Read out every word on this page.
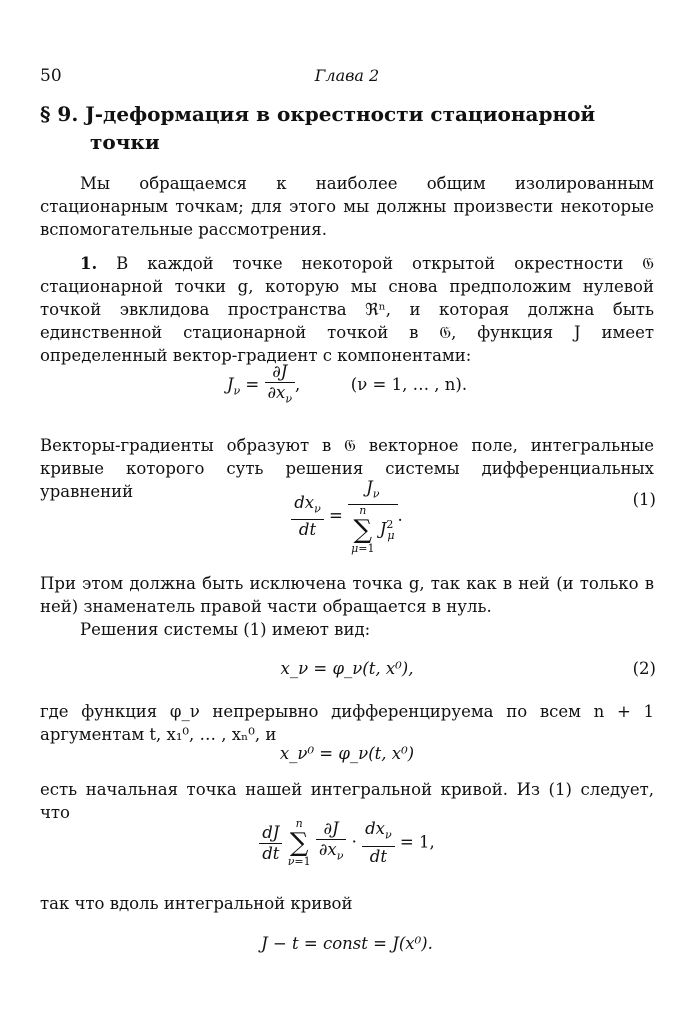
50	Глава 2
§ 9. J-деформация в окрестности стационарной
точки

Мы обращаемся к наиболее общим изолированным стационарным точкам; для этого мы должны произвести некоторые вспомогательные рассмотрения.

1. В каждой точке некоторой открытой окрестности 𝔊 стационарной точки g, которую мы снова предположим нулевой точкой эвклидова пространства ℜⁿ, и которая должна быть единственной стационарной точкой в 𝔊, функция J имеет определенный вектор-градиент с компонентами:

$J_\nu = \frac{\partial J}{\partial x_\nu}$ ,	(ν = 1, … , n).

Векторы-градиенты образуют в 𝔊 векторное поле, интегральные кривые которого суть решения системы дифференциальных уравнений

$\frac{dx_\nu}{dt} = J_\nu$
n
∑
μ=1
$J^2_\mu$ .
(1)

При этом должна быть исключена точка g, так как в ней (и только в ней) знаменатель правой части обращается в нуль.

Решения системы (1) имеют вид:

x_ν = φ_ν(t, x⁰),	(2)

где функция φ_ν непрерывно дифференцируема по всем n + 1 аргументам t, x₁⁰, … , xₙ⁰, и

x_ν⁰ = φ_ν(t, x⁰)

есть начальная точка нашей интегральной кривой. Из (1) следует, что

$\frac{dJ}{dt}$
	n
∑
ν=1
$\frac{\partial J}{\partial x_\nu} \cdot \frac{dx_\nu}{dt} = 1$,

так что вдоль интегральной кривой

J − t = const = J(x⁰).
